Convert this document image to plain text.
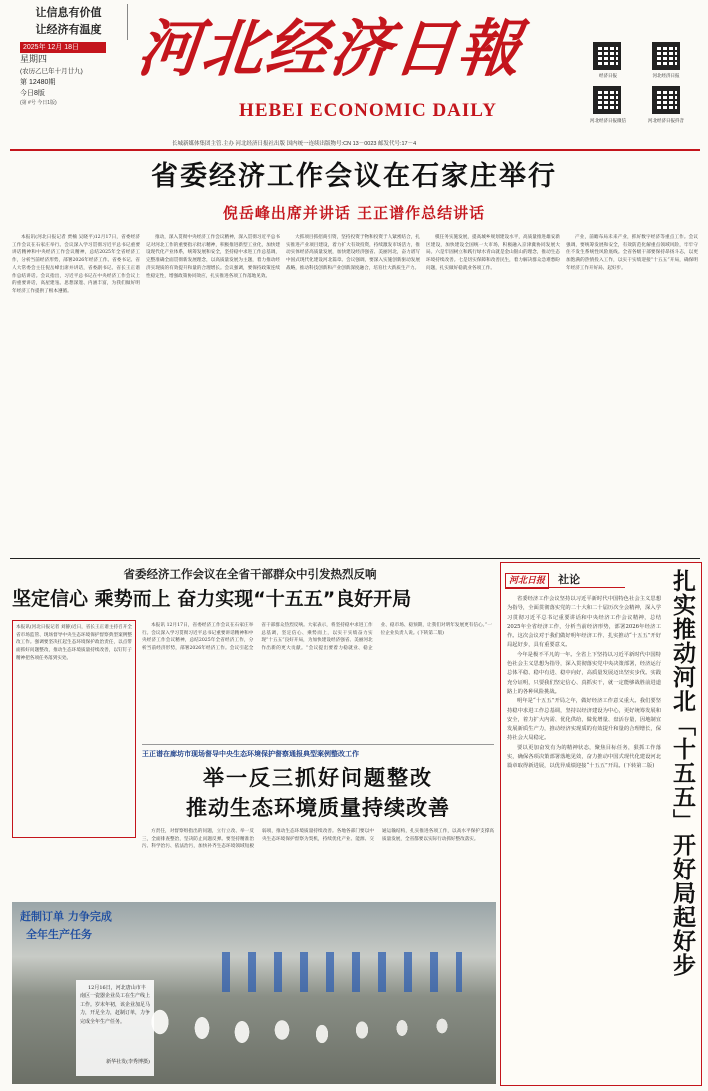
让信息有价值
让经济有温度
2025年 12月 18日
星期四
(农历乙巳年十月廿九)
第 12480期
今日8版
(第 #号 今日1版)
河北经济日報
HEBEI ECONOMIC DAILY
经济日报	河北经济日报
河北经济日报微信	河北经济日报抖音
长城新媒体集团主管.主办 河北经济日报社出版 国内统一连续出版物号:CN 13－0023 邮发代号:17－4
省委经济工作会议在石家庄举行
倪岳峰出席并讲话 王正谱作总结讲话

本报讯(河北日报记者 贾楠 吴晓平)12月17日，省委经济工作会议在石家庄举行。会议深入学习贯彻习近平总书记重要讲话精神和中央经济工作会议精神，总结2025年全省经济工作，分析当前经济形势，部署2026年经济工作。省委书记、省人大常委会主任倪岳峰出席并讲话，省委副书记、省长王正谱作总结讲话。会议指出，习近平总书记在中央经济工作会议上的重要讲话，高屋建瓴、思想深邃、内涵丰富，为我们做好明年经济工作提供了根本遵循。

推动，深入贯彻中央经济工作会议精神，深入贯彻习近平总书记对河北工作的重要指示批示精神，积极推进新型工业化，加快建设现代化产业体系，统筹发展和安全，坚持稳中求进工作总基调，完整准确全面贯彻新发展理念，以高质量发展为主题，着力推动经济实现质的有效提升和量的合理增长。会议强调，要保持政策连续性稳定性，增强政策协同效应，扎实推进各项工作落地见效。

大抓项目抓招商引资，坚持投资于物和投资于人紧密结合，扎实推进产业项目建设，着力扩大有效投资，持续激发市场活力，推动实体经济高质量发展，加快建设经济强省、美丽河北，奋力谱写中国式现代化建设河北篇章。会议强调，要深入实施创新驱动发展战略，推动科技创新和产业创新深度融合，培育壮大新质生产力。

模任务实施发展，提高城乡规划建设水平，高质量推进雄安新区建设，加快建设全国统一大市场，积极融入京津冀协同发展大局。六是牢固树立和践行绿水青山就是金山银山的理念，推动生态环境持续改善。七是切实保障和改善民生，着力解决群众急难愁盼问题，扎实做好稳就业各项工作。

产业，前瞻布局未来产业，抓好数字经济等重点工作。会议强调，要统筹发展和安全，有效防范化解重点领域风险，牢牢守住不发生系统性风险底线。全省各级干部要保持昂扬斗志，以更加饱满的热情投入工作，以实干实绩迎接“十五五”开局，确保明年经济工作开好局、起好步。

省委经济工作会议在全省干部群众中引发热烈反响
坚定信心 乘势而上 奋力实现“十五五”良好开局
本报讯(河北日报记者 刘静)近日，省长王正谱主持召开全省市场监管、现场督导中央生态环境保护督察典型案例整改工作。强调要坚决扛起生态环境保护政治责任，以点带面抓好问题整改，推动生态环境质量持续改善，以钉钉子精神把各项任务落到实处。

本报讯 12月17日，省委经济工作会议在石家庄举行。会议深入学习贯彻习近平总书记重要讲话精神和中央经济工作会议精神，总结2025年全省经济工作，分析当前经济形势，部署2026年经济工作。会议引起全省干部群众热烈反响。大家表示，将坚持稳中求进工作总基调，坚定信心、乘势而上，以实干实绩奋力实现“十五五”良好开局，为加快建设经济强省、美丽河北作出新的更大贡献。“会议提出要着力稳就业、稳企业、稳市场、稳预期，让我们对明年发展更有信心。”一位企业负责人说。(下转第二版)

王正谱在廊坊市现场督导中央生态环境保护督察通报典型案例整改工作
举一反三抓好问题整改
推动生态环境质量持续改善

方责任，对督察组指出的问题，立行立改、举一反三，全面排查整治，坚决防止问题反弹。要坚持精准治污、科学治污、依法治污，加快补齐生态环境领域短板弱项，推动生态环境质量持续改善。各地各部门要以中央生态环境保护督察为契机，持续优化产业、能源、交通运输结构，扎实推进各项工作，以高水平保护支撑高质量发展，全省都要以实际行动抓好整改落实。

赶制订单 力争完成
全年生产任务
12月16日，河北唐山市丰南区一瓷器企业员工在生产线上工作。岁末年初，该企业加足马力，开足全力，赶制订单，力争完成全年生产任务。
新华社发(李秀博摄)
河北日报 社论	扎实推动河北「十五五」开好局起好步

省委经济工作会议坚持以习近平新时代中国特色社会主义思想为指导，全面贯彻落实党的二十大和二十届历次全会精神，深入学习贯彻习近平总书记重要讲话和中央经济工作会议精神，总结2025年全省经济工作，分析当前经济形势，部署2026年经济工作。这次会议对于我们做好明年经济工作、扎实推动“十五五”开好局起好步，具有重要意义。

今年是极不平凡的一年。全省上下坚持以习近平新时代中国特色社会主义思想为指导，深入贯彻落实党中央决策部署，经济运行总体平稳、稳中有进、稳中向好，高质量发展迈出坚实步伐。实践充分证明，只要我们坚定信心、真抓实干，就一定能够战胜前进道路上的各种风险挑战。

明年是“十五五”开局之年，做好经济工作意义重大。我们要坚持稳中求进工作总基调，坚持以经济建设为中心，更好统筹发展和安全，着力扩大内需、优化供给，做优增量、盘活存量，因地制宜发展新质生产力，推动经济实现质的有效提升和量的合理增长，保持社会大局稳定。

要以更加奋发有为的精神状态，聚焦目标任务，狠抓工作落实，确保各项决策部署落地见效，奋力推动中国式现代化建设河北篇章取得新进展，以优异成绩迎接“十五五”开局。(下转第二版)
